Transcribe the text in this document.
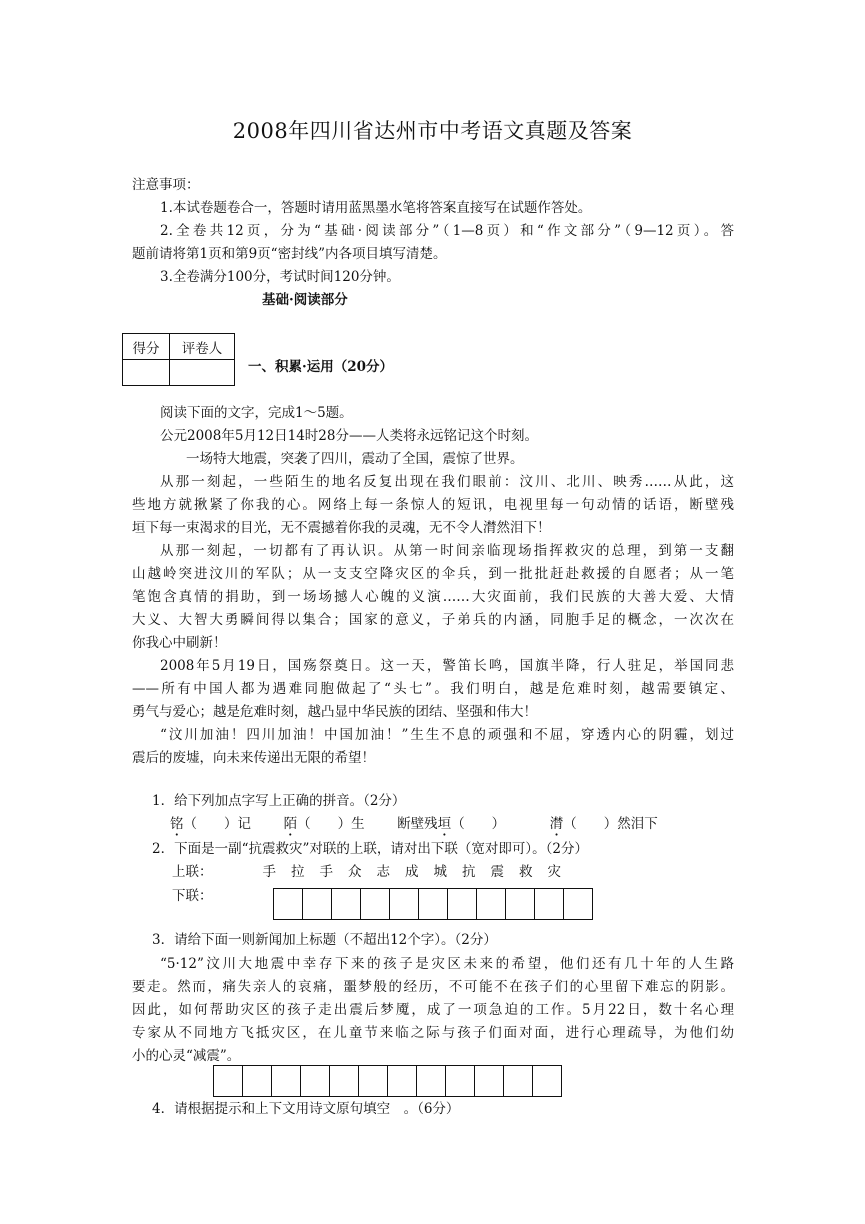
2008年四川省达州市中考语文真题及答案
注意事项：
1.本试卷题卷合一，答题时请用蓝黑墨水笔将答案直接写在试题作答处。
2.全卷共12页，分为“基础·阅读部分”（1—8页）和“作文部分”（9—12页）。答
题前请将第1页和第9页“密封线”内各项目填写清楚。
3.全卷满分100分，考试时间120分钟。
基础·阅读部分
得分	评卷人

一、积累·运用（20分）
阅读下面的文字，完成1～5题。
公元2008年5月12日14时28分——人类将永远铭记这个时刻。
一场特大地震，突袭了四川，震动了全国，震惊了世界。
从那一刻起，一些陌生的地名反复出现在我们眼前：汶川、北川、映秀……从此，这
些地方就揪紧了你我的心。网络上每一条惊人的短讯，电视里每一句动情的话语，断壁残
垣下每一束渴求的目光，无不震撼着你我的灵魂，无不令人潸然泪下！
从那一刻起，一切都有了再认识。从第一时间亲临现场指挥救灾的总理，到第一支翻
山越岭突进汶川的军队；从一支支空降灾区的伞兵，到一批批赶赴救援的自愿者；从一笔
笔饱含真情的捐助，到一场场撼人心魄的义演……大灾面前，我们民族的大善大爱、大情
大义、大智大勇瞬间得以集合；国家的意义，子弟兵的内涵，同胞手足的概念，一次次在
你我心中刷新！
2008年5月19日，国殇祭奠日。这一天，警笛长鸣，国旗半降，行人驻足，举国同悲
——所有中国人都为遇难同胞做起了“头七”。我们明白，越是危难时刻，越需要镇定、
勇气与爱心；越是危难时刻，越凸显中华民族的团结、坚强和伟大！
“汶川加油！四川加油！中国加油！”生生不息的顽强和不屈，穿透内心的阴霾，划过
震后的废墟，向未来传递出无限的希望！
1．给下列加点字写上正确的拼音。（2分）
铭（　　）记 陌（　　）生 断壁残垣（　　）	潸（　　）然泪下
2．下面是一副“抗震救灾”对联的上联，请对出下联（宽对即可）。（2分）
上联：	手 拉 手 众 志 成 城 抗 震 救 灾
下联：
3．请给下面一则新闻加上标题（不超出12个字）。（2分）
“5·12”汶川大地震中幸存下来的孩子是灾区未来的希望，他们还有几十年的人生路
要走。然而，痛失亲人的哀痛，噩梦般的经历，不可能不在孩子们的心里留下难忘的阴影。
因此，如何帮助灾区的孩子走出震后梦魇，成了一项急迫的工作。5月22日，数十名心理
专家从不同地方飞抵灾区，在儿童节来临之际与孩子们面对面，进行心理疏导，为他们幼
小的心灵“减震”。
4．请根据提示和上下文用诗文原句填空　。（6分）
